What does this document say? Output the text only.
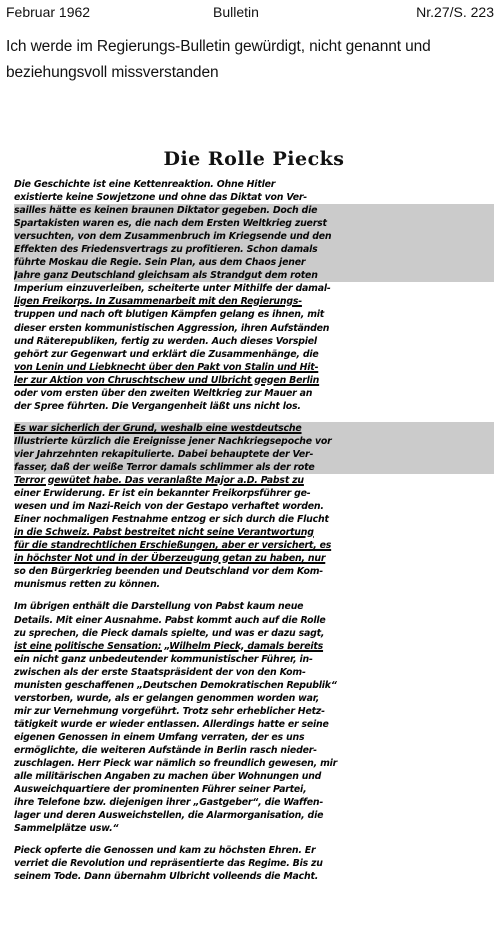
Februar 1962	Bulletin	Nr.27/S. 223
Ich werde im Regierungs-Bulletin gewürdigt, nicht genannt und beziehungsvoll missverstanden
Die Rolle Piecks
Die Geschichte ist eine Kettenreaktion. Ohne Hitler
existierte keine Sowjetzone und ohne das Diktat von Ver-
sailles hätte es keinen braunen Diktator gegeben. Doch die
Spartakisten waren es, die nach dem Ersten Weltkrieg zuerst
versuchten, von dem Zusammenbruch im Kriegsende und den
Effekten des Friedensvertrags zu profitieren. Schon damals
führte Moskau die Regie. Sein Plan, aus dem Chaos jener
Jahre ganz Deutschland gleichsam als Strandgut dem roten
Imperium einzuverleiben, scheiterte unter Mithilfe der damal-
ligen Freikorps. In Zusammenarbeit mit den Regierungs-
truppen und nach oft blutigen Kämpfen gelang es ihnen, mit
dieser ersten kommunistischen Aggression, ihren Aufständen
und Räterepubliken, fertig zu werden. Auch dieses Vorspiel
gehört zur Gegenwart und erklärt die Zusammenhänge, die
von Lenin und Liebknecht über den Pakt von Stalin und Hit-
ler zur Aktion von Chruschtschew und Ulbricht gegen Berlin
oder vom ersten über den zweiten Weltkrieg zur Mauer an
der Spree führten. Die Vergangenheit läßt uns nicht los.
Es war sicherlich der Grund, weshalb eine westdeutsche
Illustrierte kürzlich die Ereignisse jener Nachkriegsepoche vor
vier Jahrzehnten rekapitulierte. Dabei behauptete der Ver-
fasser, daß der weiße Terror damals schlimmer als der rote
Terror gewütet habe. Das veranlaßte Major a.D. Pabst zu
einer Erwiderung. Er ist ein bekannter Freikorpsführer ge-
wesen und im Nazi-Reich von der Gestapo verhaftet worden.
Einer nochmaligen Festnahme entzog er sich durch die Flucht
in die Schweiz. Pabst bestreitet nicht seine Verantwortung
für die standrechtlichen Erschießungen, aber er versichert, es
in höchster Not und in der Überzeugung getan zu haben, nur
so den Bürgerkrieg beenden und Deutschland vor dem Kom-
munismus retten zu können.
Im übrigen enthält die Darstellung von Pabst kaum neue
Details. Mit einer Ausnahme. Pabst kommt auch auf die Rolle
zu sprechen, die Pieck damals spielte, und was er dazu sagt,
ist eine politische Sensation: „Wilhelm Pieck, damals bereits
ein nicht ganz unbedeutender kommunistischer Führer, in-
zwischen als der erste Staatspräsident der von den Kom-
munisten geschaffenen „Deutschen Demokratischen Republik“
verstorben, wurde, als er gelangen genommen worden war,
mir zur Vernehmung vorgeführt. Trotz sehr erheblicher Hetz-
tätigkeit wurde er wieder entlassen. Allerdings hatte er seine
eigenen Genossen in einem Umfang verraten, der es uns
ermöglichte, die weiteren Aufstände in Berlin rasch nieder-
zuschlagen. Herr Pieck war nämlich so freundlich gewesen, mir
alle militärischen Angaben zu machen über Wohnungen und
Ausweichquartiere der prominenten Führer seiner Partei,
ihre Telefone bzw. diejenigen ihrer „Gastgeber“, die Waffen-
lager und deren Ausweichstellen, die Alarmorganisation, die
Sammelplätze usw.“
Pieck opferte die Genossen und kam zu höchsten Ehren. Er
verriet die Revolution und repräsentierte das Regime. Bis zu
seinem Tode. Dann übernahm Ulbricht volleends die Macht.
